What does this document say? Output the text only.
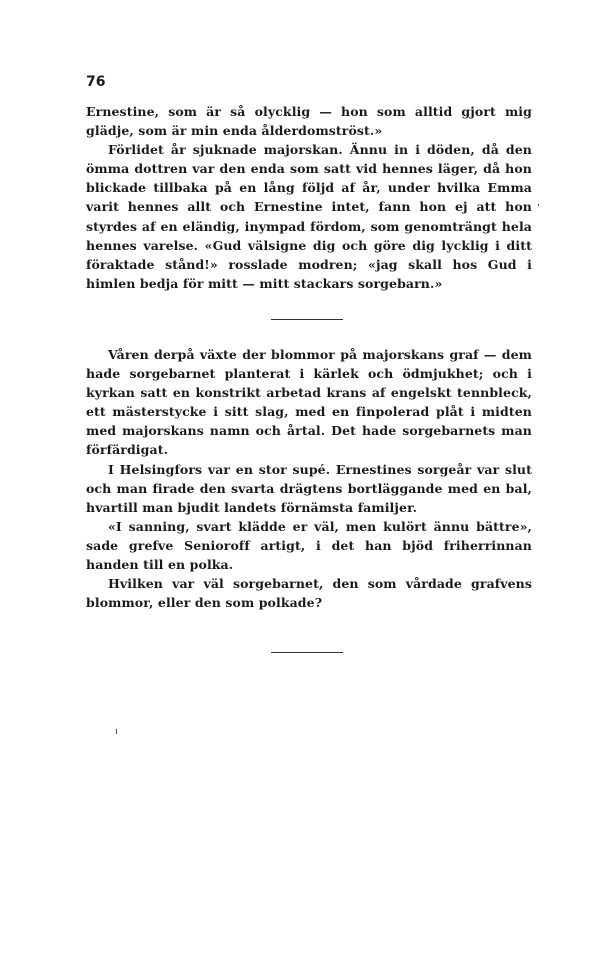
76

Ernestine, som är så olycklig — hon som alltid gjort mig glädje, som är min enda ålderdomströst.»

Förlidet år sjuknade majorskan. Ännu in i döden, då den ömma dottren var den enda som satt vid hennes läger, då hon blickade tillbaka på en lång följd af år, under hvilka Emma varit hennes allt och Ernestine intet, fann hon ej att hon styrdes af en eländig, inympad fördom, som genomträngt hela hennes varelse. «Gud välsigne dig och göre dig lycklig i ditt föraktade stånd!» rosslade modren; «jag skall hos Gud i himlen bedja för mitt — mitt stackars sorgebarn.»

Våren derpå växte der blommor på majorskans graf — dem hade sorgebarnet planterat i kärlek och ödmjukhet; och i kyrkan satt en konstrikt arbetad krans af engelskt tennbleck, ett mästerstycke i sitt slag, med en finpolerad plåt i midten med majorskans namn och årtal. Det hade sorgebarnets man förfärdigat.

I Helsingfors var en stor supé. Ernestines sorgeår var slut och man firade den svarta drägtens bortläggande med en bal, hvartill man bjudit landets förnämsta familjer.

«I sanning, svart klädde er väl, men kulört ännu bättre», sade grefve Senioroff artigt, i det han bjöd friherrinnan handen till en polka.

Hvilken var väl sorgebarnet, den som vårdade grafvens blommor, eller den som polkade?
